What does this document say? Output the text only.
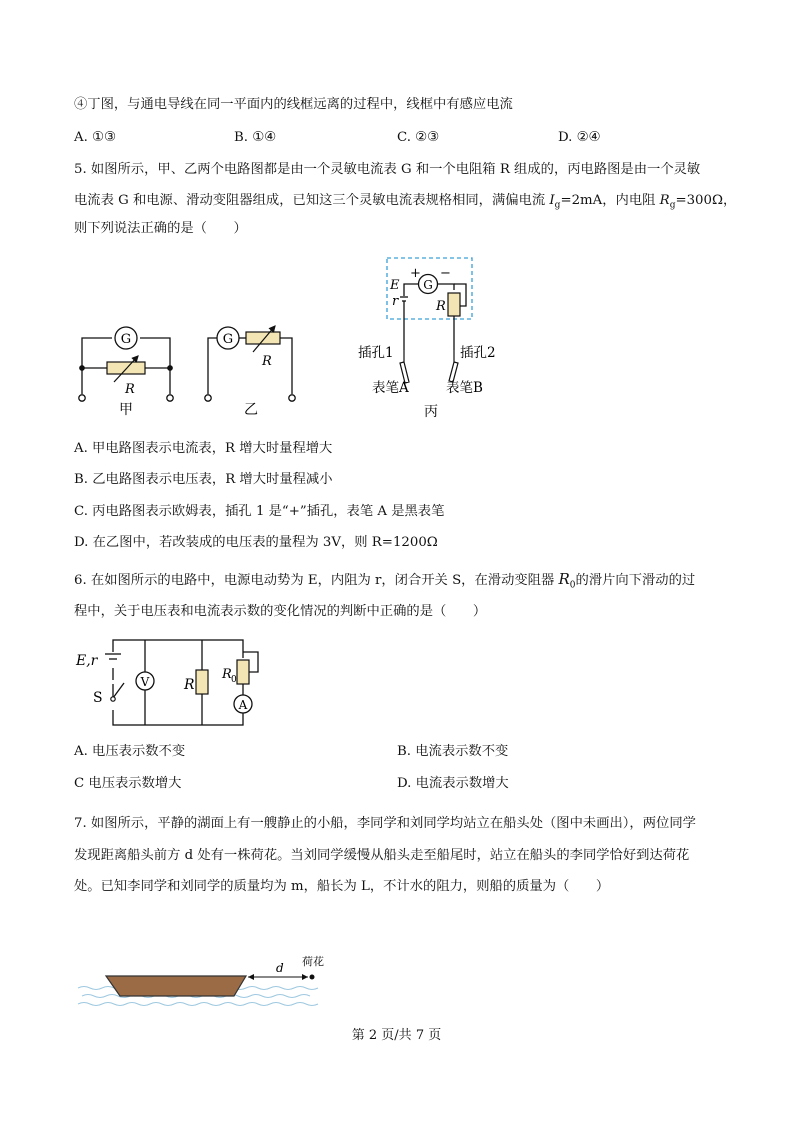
④丁图，与通电导线在同一平面内的线框远离的过程中，线框中有感应电流
A. ①③	B. ①④	C. ②③	D. ②④
5. 如图所示，甲、乙两个电路图都是由一个灵敏电流表 G 和一个电阻箱 R 组成的，丙电路图是由一个灵敏
电流表 G 和电源、滑动变阻器组成，已知这三个灵敏电流表规格相同，满偏电流 $I_g=2mA$，内电阻 $R_g=300\Omega$，
则下列说法正确的是（　　）
G
R
甲
G
R
乙
G
+ −
E
r	R
插孔1	插孔2
表笔A	表笔B
丙
A. 甲电路图表示电流表，R 增大时量程增大
B. 乙电路图表示电压表，R 增大时量程减小
C. 丙电路图表示欧姆表，插孔 1 是“+”插孔，表笔 A 是黑表笔
D. 在乙图中，若改装成的电压表的量程为 3V，则 R=1200Ω
6. 在如图所示的电路中，电源电动势为 E，内阻为 r，闭合开关 S，在滑动变阻器 $R_0$的滑片向下滑动的过
程中，关于电压表和电流表示数的变化情况的判断中正确的是（　　）
V
A
E,r
S
R
R 0
A. 电压表示数不变	B. 电流表示数不变
C 电压表示数增大	D. 电流表示数增大
7. 如图所示，平静的湖面上有一艘静止的小船，李同学和刘同学均站立在船头处（图中未画出），两位同学
发现距离船头前方 d 处有一株荷花。当刘同学缓慢从船头走至船尾时，站立在船头的李同学恰好到达荷花
处。已知李同学和刘同学的质量均为 m，船长为 L，不计水的阻力，则船的质量为（　　）
d 荷花
第 2 页/共 7 页
